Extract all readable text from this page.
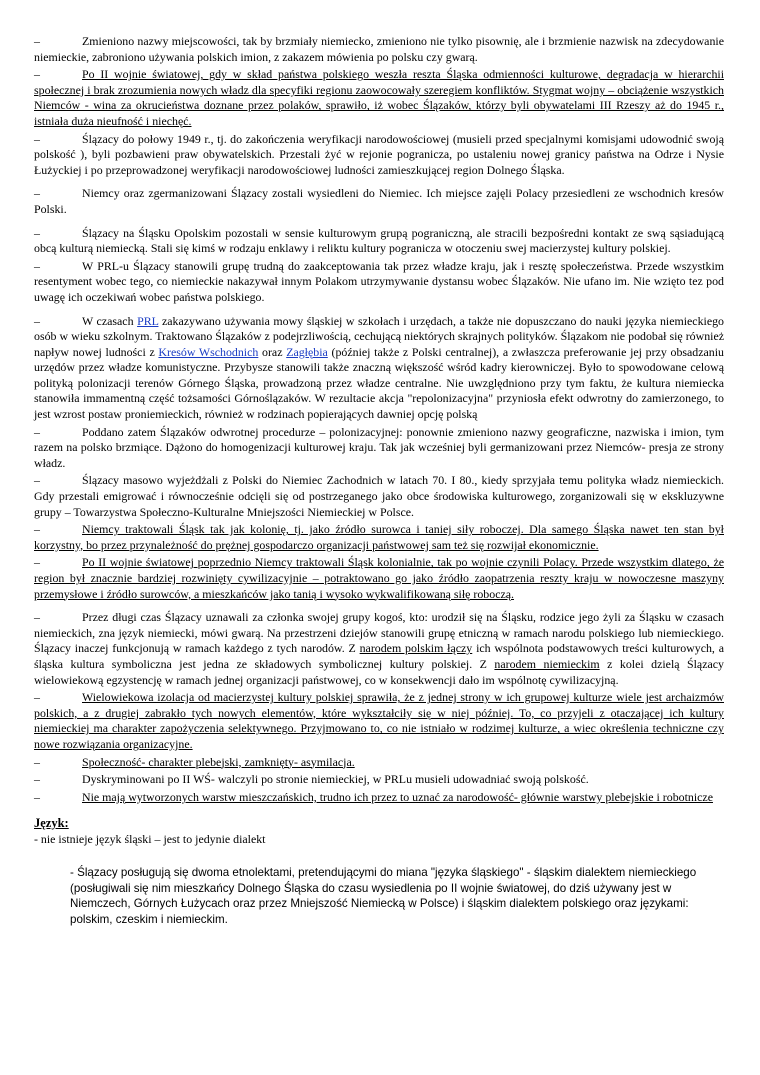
–	Zmieniono nazwy miejscowości, tak by brzmiały niemiecko, zmieniono nie tylko pisownię, ale i brzmienie nazwisk na zdecydowanie niemieckie, zabroniono używania polskich imion, z zakazem mówienia po polsku czy gwarą.

–	Po II wojnie światowej, gdy w skład państwa polskiego weszła reszta Śląska odmienności kulturowe, degradacja w hierarchii społecznej i brak zrozumienia nowych władz dla specyfiki regionu zaowocowały szeregiem konfliktów. Stygmat wojny – obciążenie wszystkich Niemców - wina za okrucieństwa doznane przez polaków, sprawiło, iż wobec Ślązaków, którzy byli obywatelami III Rzeszy aż do 1945 r., istniała duża nieufność i niechęć.

–	Ślązacy do połowy 1949 r., tj. do zakończenia weryfikacji narodowościowej (musieli przed specjalnymi komisjami udowodnić swoją polskość ), byli pozbawieni praw obywatelskich. Przestali żyć w rejonie pogranicza, po ustaleniu nowej granicy państwa na Odrze i Nysie Łużyckiej i po przeprowadzonej weryfikacji narodowościowej ludności zamieszkującej region Dolnego Śląska.

–	Niemcy oraz zgermanizowani Ślązacy zostali wysiedleni do Niemiec. Ich miejsce zajęli Polacy przesiedleni ze wschodnich kresów Polski.

–	Ślązacy na Śląsku Opolskim pozostali w sensie kulturowym grupą pograniczną, ale stracili bezpośredni kontakt ze swą sąsiadującą obcą kulturą niemiecką. Stali się kimś w rodzaju enklawy i reliktu kultury pogranicza w otoczeniu swej macierzystej kultury polskiej.

–	W PRL-u Ślązacy stanowili grupę trudną do zaakceptowania tak przez władze kraju, jak i resztę społeczeństwa. Przede wszystkim resentyment wobec tego, co niemieckie nakazywał innym Polakom utrzymywanie dystansu wobec Ślązaków. Nie ufano im. Nie wzięto tez pod uwagę ich oczekiwań wobec państwa polskiego.

–	W czasach PRL zakazywano używania mowy śląskiej w szkołach i urzędach, a także nie dopuszczano do nauki języka niemieckiego osób w wieku szkolnym. Traktowano Ślązaków z podejrzliwością, cechującą niektórych skrajnych polityków. Ślązakom nie podobał się również napływ nowej ludności z Kresów Wschodnich oraz Zagłębia (później także z Polski centralnej), a zwłaszcza preferowanie jej przy obsadzaniu urzędów przez władze komunistyczne. Przybysze stanowili także znaczną większość wśród kadry kierowniczej. Było to spowodowane celową polityką polonizacji terenów Górnego Śląska, prowadzoną przez władze centralne. Nie uwzględniono przy tym faktu, że kultura niemiecka stanowiła immamentną część tożsamości Górnoślązaków. W rezultacie akcja "repolonizacyjna" przyniosła efekt odwrotny do zamierzonego, to jest wzrost postaw proniemieckich, również w rodzinach popierających dawniej opcję polską

–	Poddano zatem Ślązaków odwrotnej procedurze – polonizacyjnej: ponownie zmieniono nazwy geograficzne, nazwiska i imion, tym razem na polsko brzmiące. Dążono do homogenizacji kulturowej kraju. Tak jak wcześniej byli germanizowani przez Niemców- presja ze strony władz.

–	Ślązacy masowo wyjeżdżali z Polski do Niemiec Zachodnich w latach 70. I 80., kiedy sprzyjała temu polityka władz niemieckich. Gdy przestali emigrować i równocześnie odcięli się od postrzeganego jako obce środowiska kulturowego, zorganizowali się w ekskluzywne grupy – Towarzystwa Społeczno-Kulturalne Mniejszości Niemieckiej w Polsce.

–	Niemcy traktowali Śląsk tak jak kolonię, tj. jako źródło surowca i taniej siły roboczej. Dla samego Śląska nawet ten stan był korzystny, bo przez przynależność do prężnej gospodarczo organizacji państwowej sam też się rozwijał ekonomicznie.

–	Po II wojnie światowej poprzednio Niemcy traktowali Śląsk kolonialnie, tak po wojnie czynili Polacy. Przede wszystkim dlatego, że region był znacznie bardziej rozwinięty cywilizacyjnie – potraktowano go jako źródło zaopatrzenia reszty kraju w nowoczesne maszyny przemysłowe i źródło surowców, a mieszkańców jako tanią i wysoko wykwalifikowaną siłę roboczą.

–	Przez długi czas Ślązacy uznawali za członka swojej grupy kogoś, kto: urodził się na Śląsku, rodzice jego żyli za Śląsku w czasach niemieckich, zna język niemiecki, mówi gwarą. Na przestrzeni dziejów stanowili grupę etniczną w ramach narodu polskiego lub niemieckiego. Ślązacy inaczej funkcjonują w ramach każdego z tych narodów. Z narodem polskim łączy ich wspólnota podstawowych treści kulturowych, a śląska kultura symboliczna jest jedna ze składowych symbolicznej kultury polskiej. Z narodem niemieckim z kolei dzielą Ślązacy wielowiekową egzystencję w ramach jednej organizacji państwowej, co w konsekwencji dało im wspólnotę cywilizacyjną.

–	Wielowiekowa izolacja od macierzystej kultury polskiej sprawiła, że z jednej strony w ich grupowej kulturze wiele jest archaizmów polskich, a z drugiej zabrakło tych nowych elementów, które wykształciły się w niej później. To, co przyjeli z otaczającej ich kultury niemieckiej ma charakter zapożyczenia selektywnego. Przyjmowano to, co nie istniało w rodzimej kulturze, a wiec określenia techniczne czy nowe rozwiązania organizacyjne.

–	Społeczność- charakter plebejski, zamknięty- asymilacja.

–	Dyskryminowani po II WŚ- walczyli po stronie niemieckiej, w PRLu musieli udowadniać swoją polskość.

–	Nie mają wytworzonych warstw mieszczańskich, trudno ich przez to uznać za narodowość- głównie warstwy plebejskie i robotnicze

Język:
- nie istnieje język śląski – jest to jedynie dialekt
- Ślązacy posługują się dwoma etnolektami, pretendującymi do miana "języka śląskiego" - śląskim dialektem niemieckiego (posługiwali się nim mieszkańcy Dolnego Śląska do czasu wysiedlenia po II wojnie światowej, do dziś używany jest w Niemczech, Górnych Łużycach oraz przez Mniejszość Niemiecką w Polsce) i śląskim dialektem polskiego oraz językami: polskim, czeskim i niemieckim.
